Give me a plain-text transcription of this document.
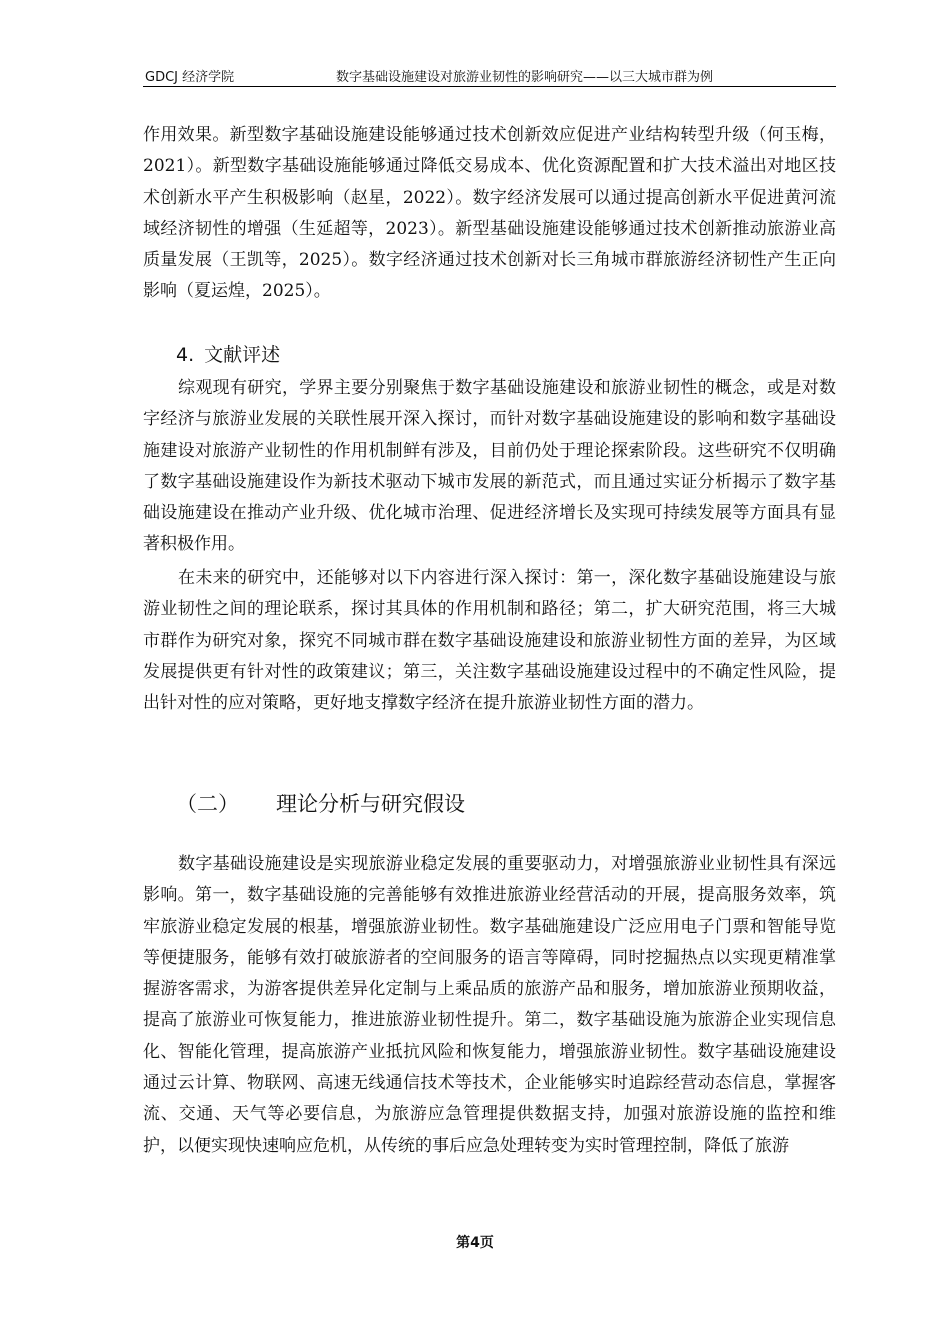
GDCJ 经济学院	数字基础设施建设对旅游业韧性的影响研究——以三大城市群为例

作用效果。新型数字基础设施建设能够通过技术创新效应促进产业结构转型升级（何玉梅，2021）。新型数字基础设施能够通过降低交易成本、优化资源配置和扩大技术溢出对地区技术创新水平产生积极影响（赵星，2022）。数字经济发展可以通过提高创新水平促进黄河流域经济韧性的增强（生延超等，2023）。新型基础设施建设能够通过技术创新推动旅游业高质量发展（王凯等，2025）。数字经济通过技术创新对长三角城市群旅游经济韧性产生正向影响（夏运煌，2025）。

4. 文献评述

综观现有研究，学界主要分别聚焦于数字基础设施建设和旅游业韧性的概念，或是对数字经济与旅游业发展的关联性展开深入探讨，而针对数字基础设施建设的影响和数字基础设施建设对旅游产业韧性的作用机制鲜有涉及，目前仍处于理论探索阶段。这些研究不仅明确了数字基础设施建设作为新技术驱动下城市发展的新范式，而且通过实证分析揭示了数字基础设施建设在推动产业升级、优化城市治理、促进经济增长及实现可持续发展等方面具有显著积极作用。

在未来的研究中，还能够对以下内容进行深入探讨：第一，深化数字基础设施建设与旅游业韧性之间的理论联系，探讨其具体的作用机制和路径；第二，扩大研究范围，将三大城市群作为研究对象，探究不同城市群在数字基础设施建设和旅游业韧性方面的差异，为区域发展提供更有针对性的政策建议；第三，关注数字基础设施建设过程中的不确定性风险，提出针对性的应对策略，更好地支撑数字经济在提升旅游业韧性方面的潜力。

（二） 理论分析与研究假设

数字基础设施建设是实现旅游业稳定发展的重要驱动力，对增强旅游业业韧性具有深远影响。第一，数字基础设施的完善能够有效推进旅游业经营活动的开展，提高服务效率，筑牢旅游业稳定发展的根基，增强旅游业韧性。数字基础施建设广泛应用电子门票和智能导览等便捷服务，能够有效打破旅游者的空间服务的语言等障碍，同时挖掘热点以实现更精准掌握游客需求，为游客提供差异化定制与上乘品质的旅游产品和服务，增加旅游业预期收益，提高了旅游业可恢复能力，推进旅游业韧性提升。第二，数字基础设施为旅游企业实现信息化、智能化管理，提高旅游产业抵抗风险和恢复能力，增强旅游业韧性。数字基础设施建设通过云计算、物联网、高速无线通信技术等技术，企业能够实时追踪经营动态信息，掌握客流、交通、天气等必要信息，为旅游应急管理提供数据支持，加强对旅游设施的监控和维护，以便实现快速响应危机，从传统的事后应急处理转变为实时管理控制，降低了旅游

第4页
